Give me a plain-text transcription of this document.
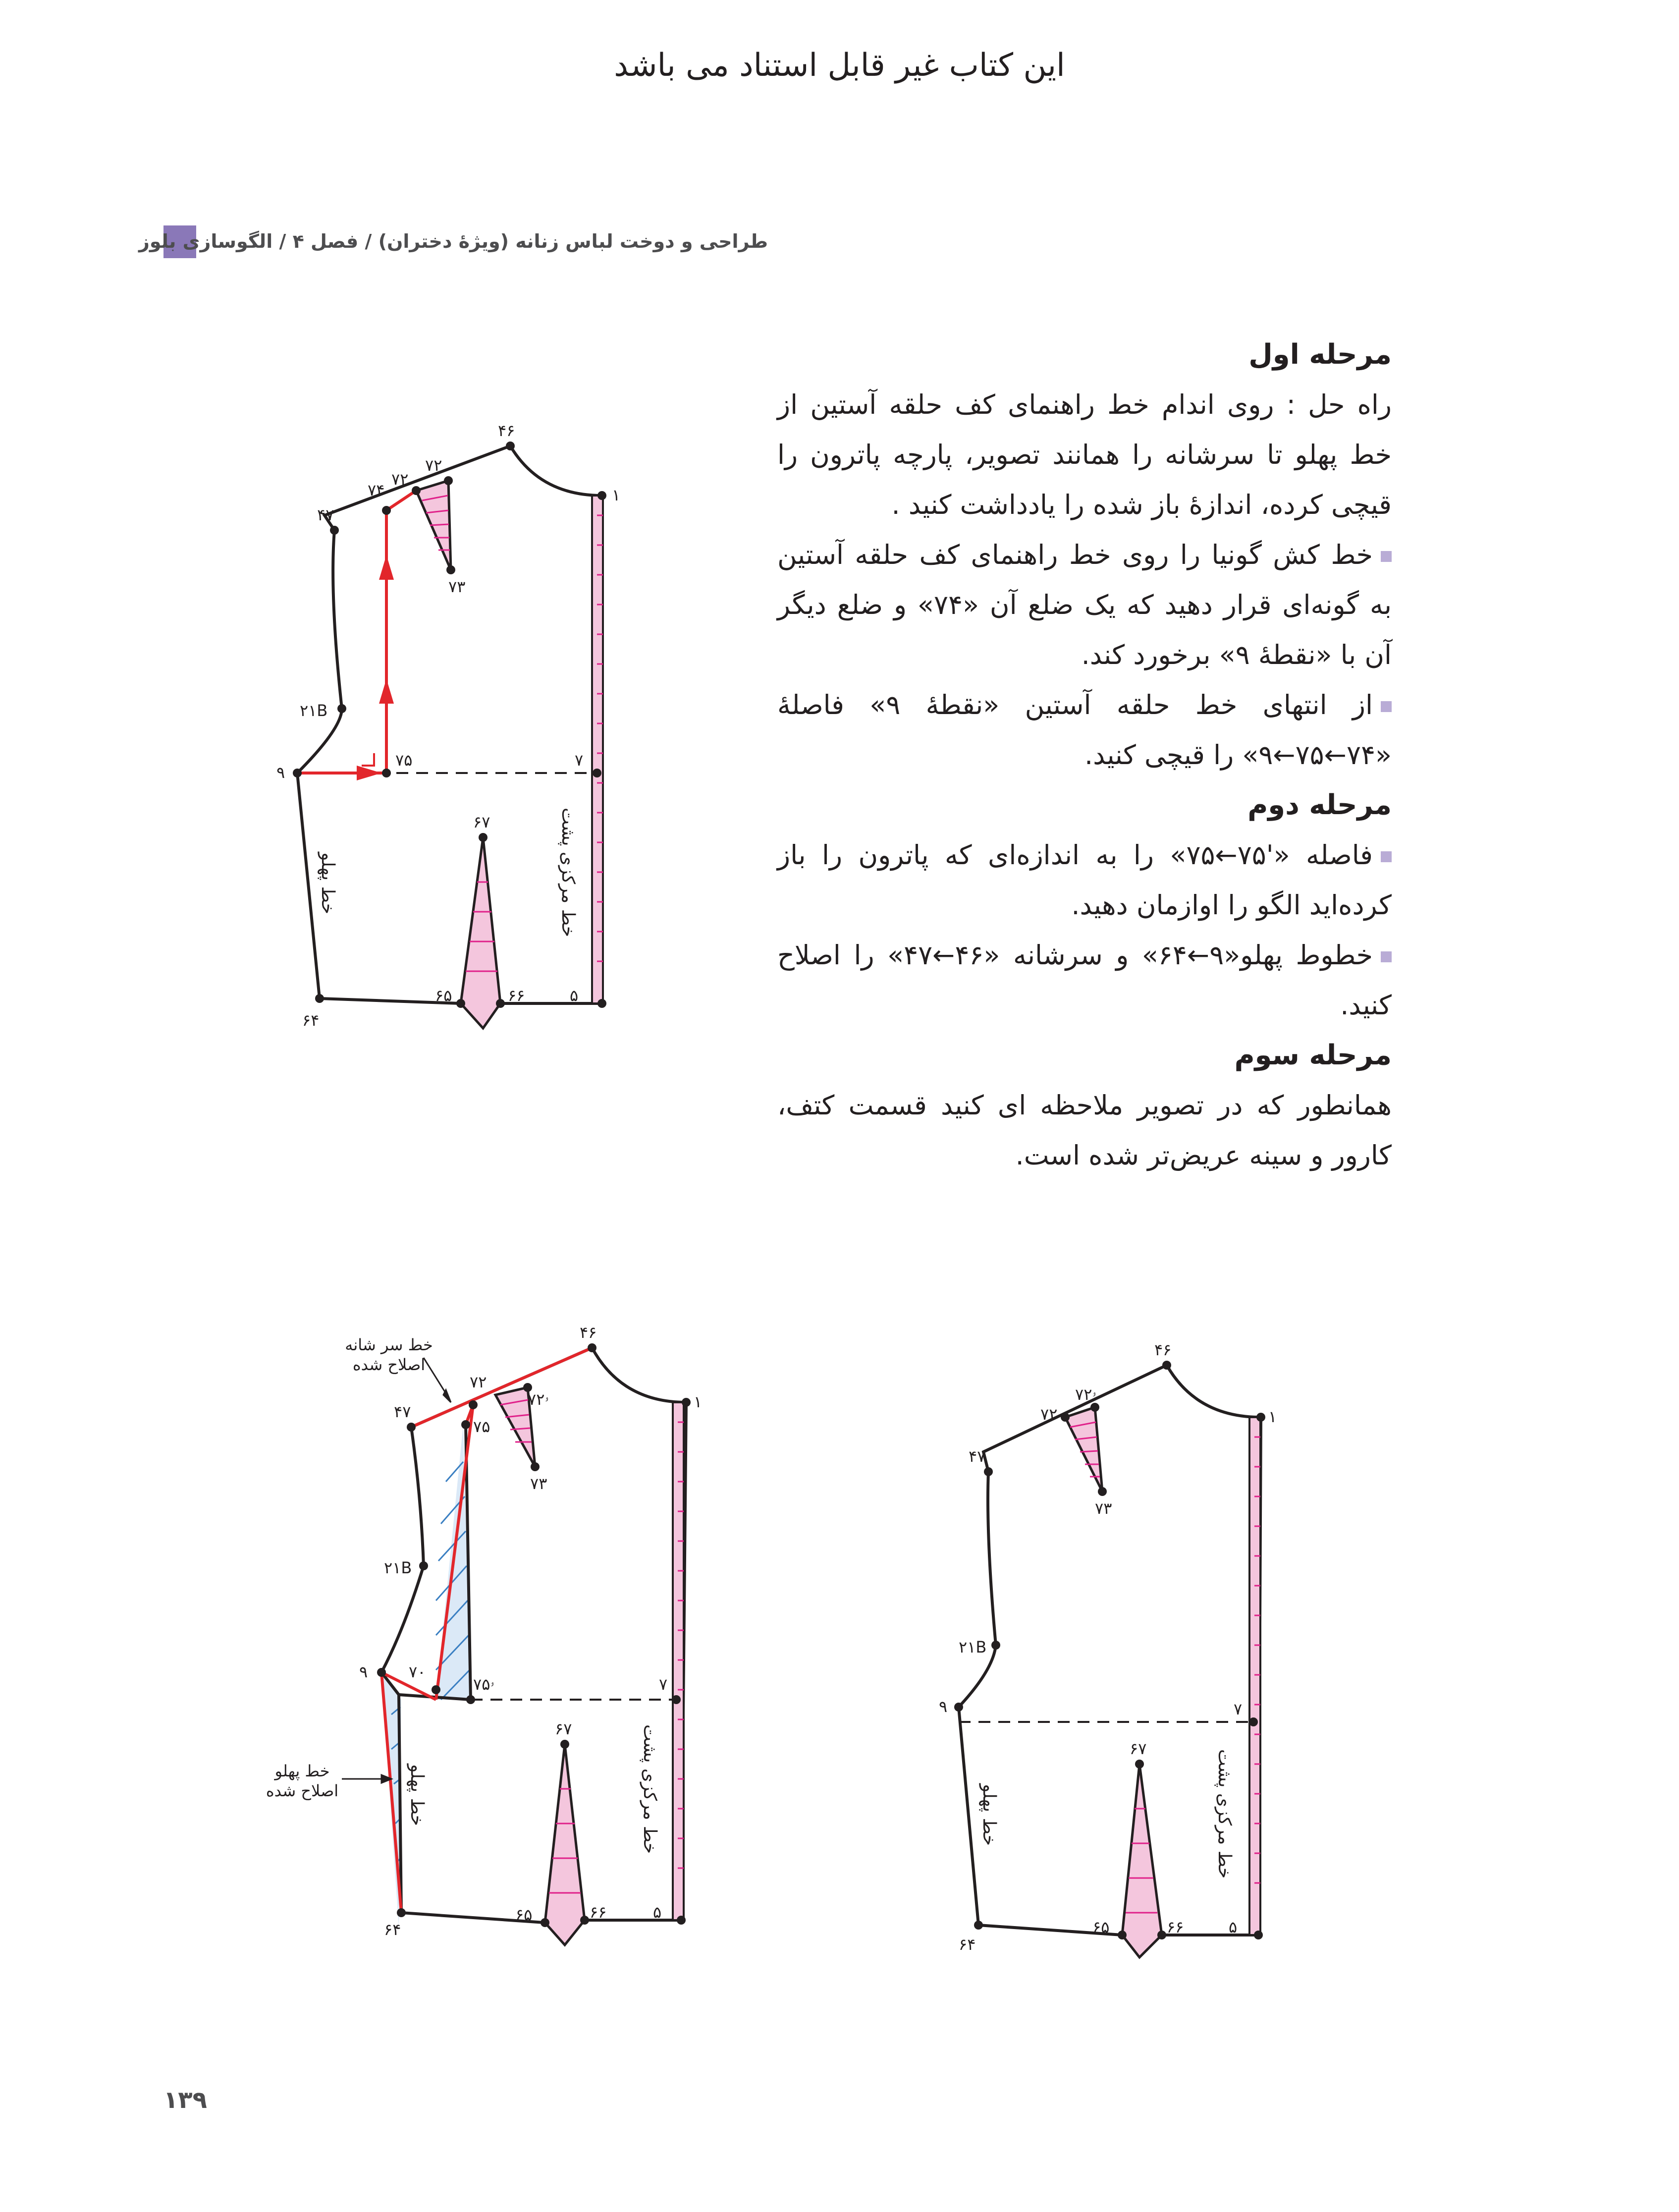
این کتاب غیر قابل استناد می باشد
طراحی و دوخت لباس زنانه (ویژهٔ دختران) / فصل ۴ / الگوسازی بلوز
مرحله اول

راه حل : روی اندام خط راهنمای کف حلقه آستین از خط پهلو تا سرشانه را همانند تصویر، پارچه پاترون را قیچی کرده، اندازهٔ باز شده را یادداشت کنید .

خط کش گونیا را روی خط راهنمای کف حلقه آستین به گونه‌ای قرار دهید که یک ضلع آن «۷۴» و ضلع دیگر آن با «نقطهٔ ۹» برخورد کند.

از انتهای خط حلقه آستین «نقطهٔ ۹» فاصلهٔ «۷۴←۷۵←۹» را قیچی کنید.

مرحله دوم

فاصله «'۷۵←۷۵» را به اندازه‌ای که پاترون را باز کرده‌اید الگو را اوازمان دهید.

خطوط پهلو«۹←۶۴» و سرشانه «۴۶←۴۷» را اصلاح کنید.

مرحله سوم

همانطور که در تصویر ملاحظه ای کنید قسمت کتف، کارور و سینه عریض‌تر شده است.

۴۶
۱
۴۷
۷۴
۷۲
۷۲
۷۳
۲۱B
۹
۷۵	۷
۶۷
۶۵	۶۶	۵
۶۴
خط پهلو	خط مرکزی پشت
۴۶
۱
۴۷
۷۲
۷۲ۥ
۷۵
۷۳
۲۱B
۹	۷۰
۷۵ۥ	۷
۶۷
۶۵	۶۶	۵
۶۴
خط پهلو	خط مرکزی پشت
خط سر شانه
اصلاح شده
خط پهلو
اصلاح شده
۴۶
۱
۴۷
۷۲
۷۲ۥ
۷۳
۲۱B
۹	۷
۶۷
۶۵	۶۶	۵
۶۴
خط پهلو	خط مرکزی پشت
۱۳۹
